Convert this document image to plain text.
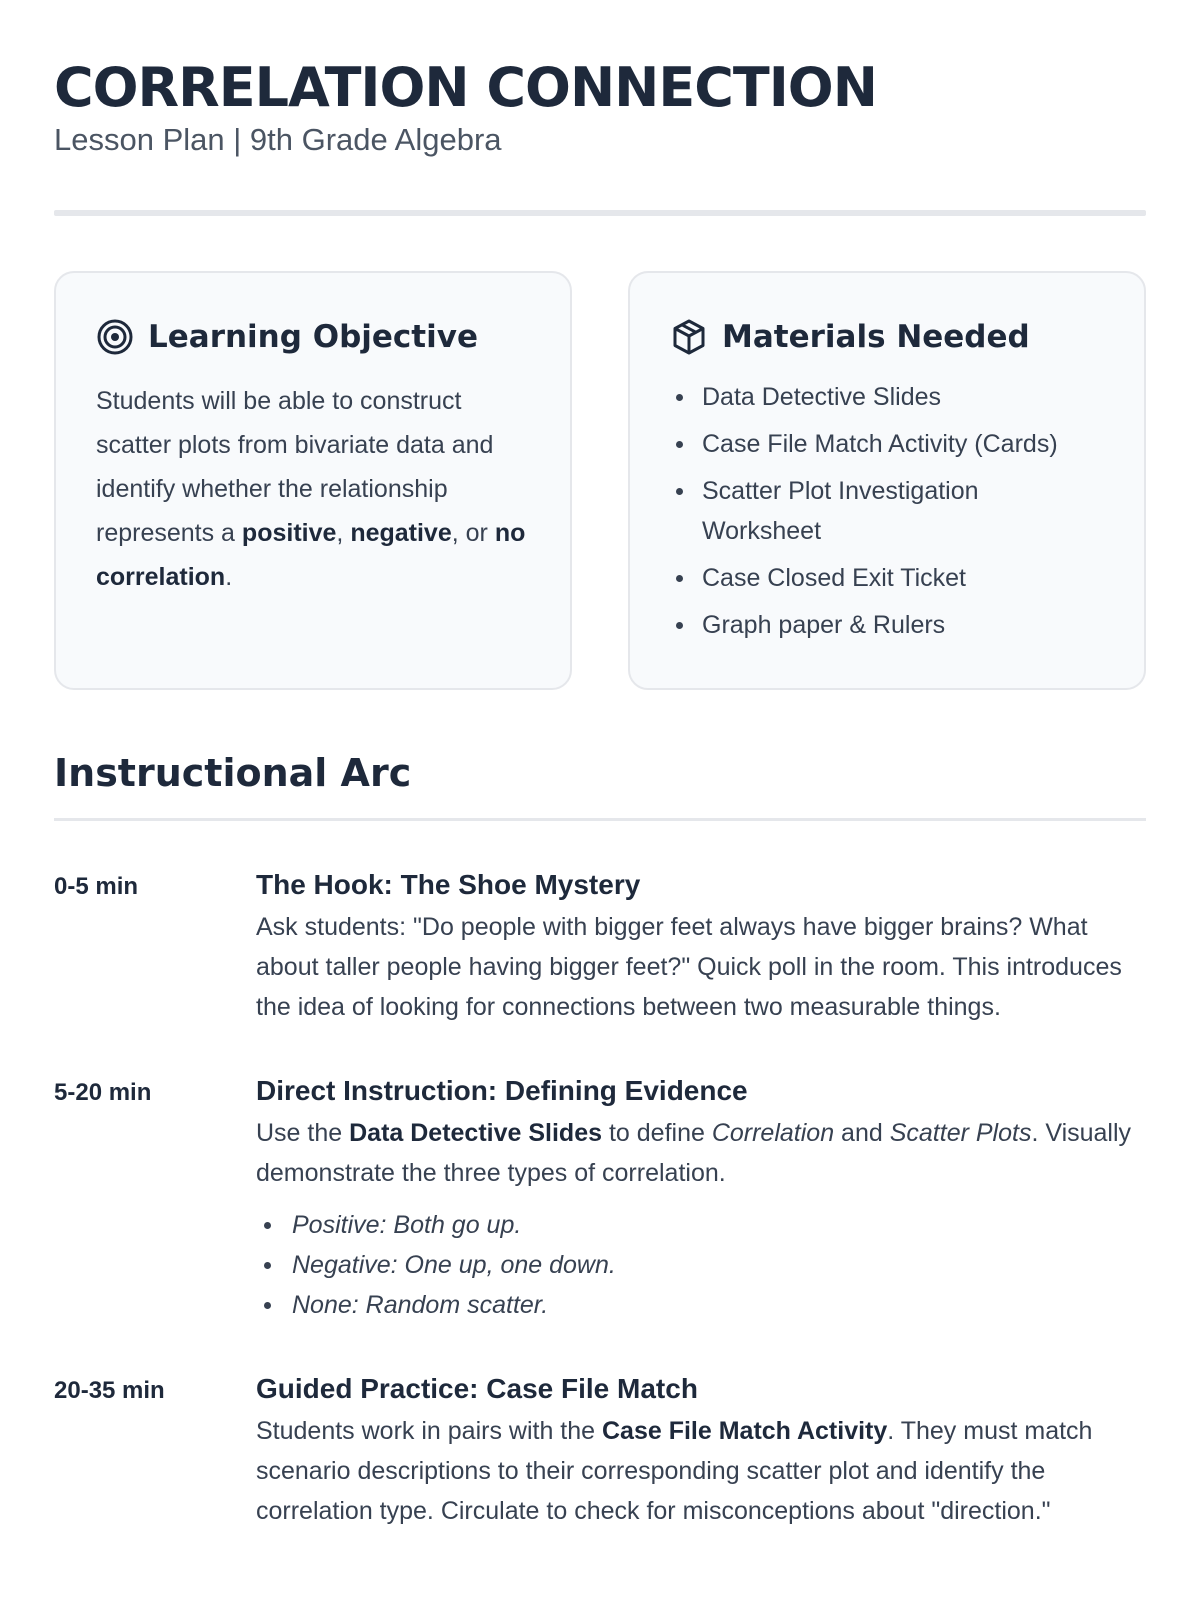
CORRELATION CONNECTION
Lesson Plan | 9th Grade Algebra
Learning Objective
Students will be able to construct scatter plots from bivariate data and identify whether the relationship represents a positive, negative, or no correlation.
Materials Needed
Data Detective Slides
Case File Match Activity (Cards)
Scatter Plot Investigation Worksheet
Case Closed Exit Ticket
Graph paper & Rulers
Instructional Arc
0-5 min	The Hook: The Shoe Mystery
Ask students: "Do people with bigger feet always have bigger brains? What about taller people having bigger feet?" Quick poll in the room. This introduces the idea of looking for connections between two measurable things.
5-20 min	Direct Instruction: Defining Evidence
Use the Data Detective Slides to define Correlation and Scatter Plots. Visually demonstrate the three types of correlation.
Positive: Both go up.
Negative: One up, one down.
None: Random scatter.
20-35 min	Guided Practice: Case File Match
Students work in pairs with the Case File Match Activity. They must match scenario descriptions to their corresponding scatter plot and identify the correlation type. Circulate to check for misconceptions about "direction."
